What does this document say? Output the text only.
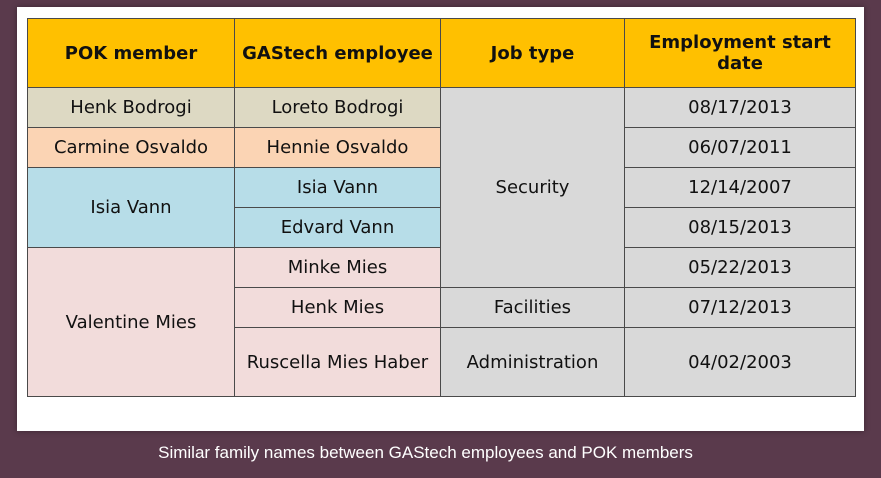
POK member	GAStech employee	Job type	Employment start date
Henk Bodrogi	Loreto Bodrogi	Security	08/17/2013
Carmine Osvaldo	Hennie Osvaldo		06/07/2011
Isia Vann	Isia Vann		12/14/2007
	Edvard Vann		08/15/2013
Valentine Mies	Minke Mies		05/22/2013
	Henk Mies	Facilities	07/12/2013
	Ruscella Mies Haber	Administration	04/02/2003
Similar family names between GAStech employees and POK members
